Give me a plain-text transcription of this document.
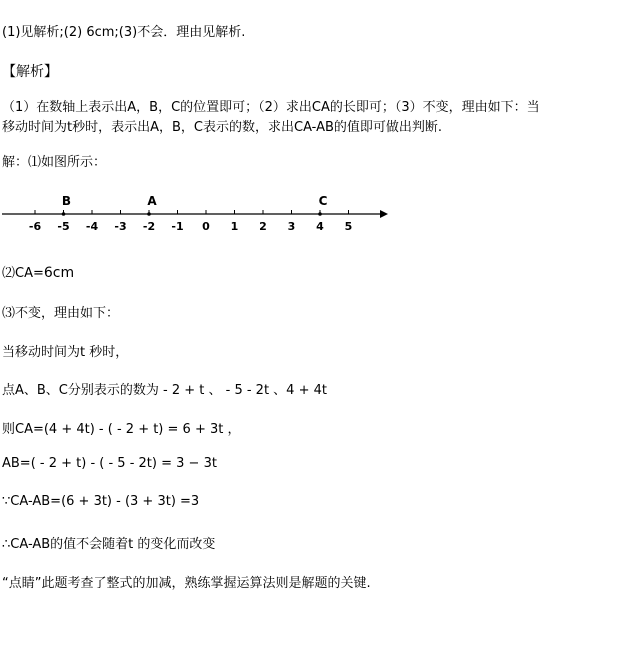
(1)见解析;(2) 6cm;(3)不会．理由见解析.
【解析】
（1）在数轴上表示出A，B，C的位置即可；（2）求出CA的长即可；（3）不变，理由如下：当
移动时间为t秒时，表示出A，B，C表示的数，求出CA-AB的值即可做出判断.
解：⑴如图所示：
-6 -5 -4 -3 -2 -1 0 1 2 3 4 5
B	A	C
⑵CA=6cm
⑶不变，理由如下：
当移动时间为t 秒时，
点A、B、C分别表示的数为 - 2 + t 、 - 5 - 2t 、4 + 4t
则CA=(4 + 4t) - ( - 2 + t) = 6 + 3t ，
AB=( - 2 + t) - ( - 5 - 2t) = 3 − 3t
∵CA-AB=(6 + 3t) - (3 + 3t) =3
∴CA-AB的值不会随着t 的变化而改变
“点睛”此题考查了整式的加减，熟练掌握运算法则是解题的关键.
